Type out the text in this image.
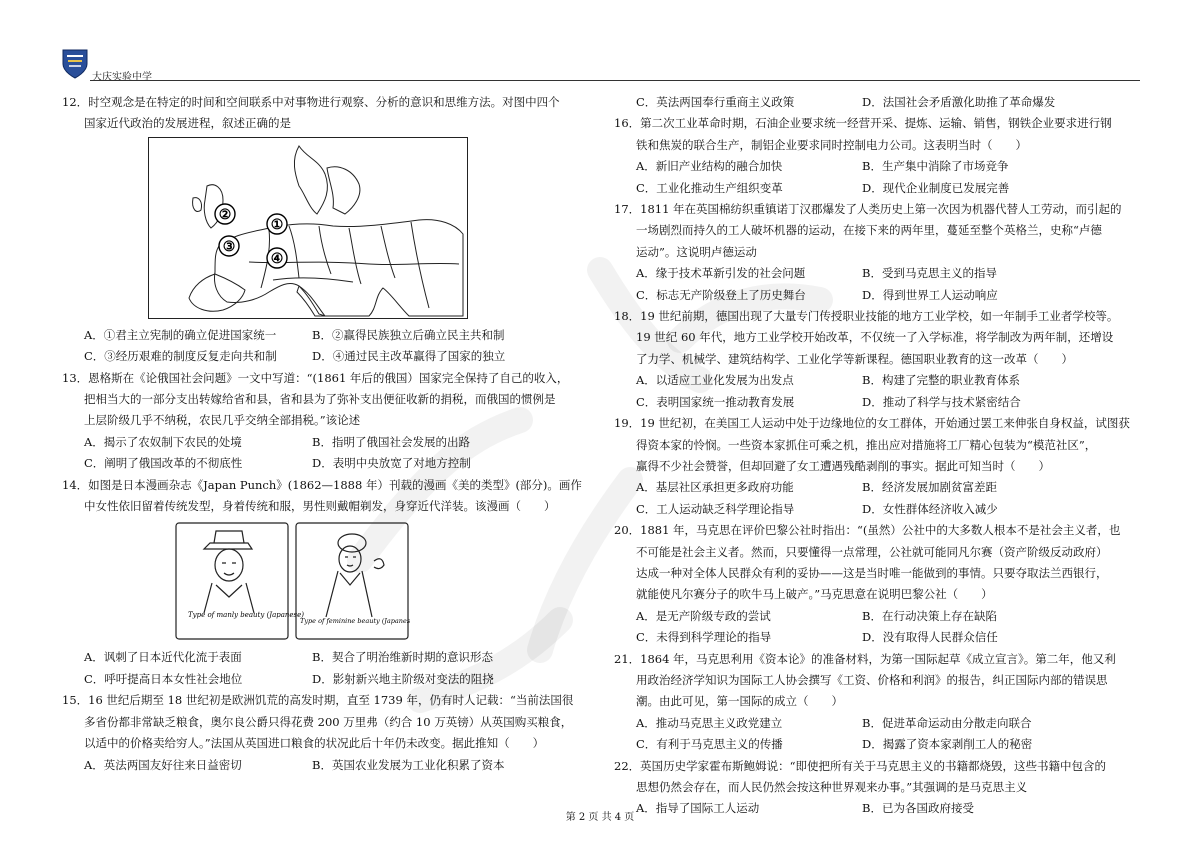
大庆实验中学
12．时空观念是在特定的时间和空间联系中对事物进行观察、分析的意识和思维方法。对图中四个
国家近代政治的发展进程，叙述正确的是
①
②
③
④
A．①君主立宪制的确立促进国家统一	B．②赢得民族独立后确立民主共和制
C．③经历艰难的制度反复走向共和制	D．④通过民主改革赢得了国家的独立
13．恩格斯在《论俄国社会问题》一文中写道：“(1861 年后的俄国）国家完全保持了自己的收入，
把相当大的一部分支出转嫁给省和县，省和县为了弥补支出便征收新的捐税，而俄国的惯例是
上层阶级几乎不纳税，农民几乎交纳全部捐税。”该论述
A．揭示了农奴制下农民的处境	B．指明了俄国社会发展的出路
C．阐明了俄国改革的不彻底性	D．表明中央放宽了对地方控制
14．如图是日本漫画杂志《Japan Punch》(1862—1888 年）刊载的漫画《美的类型》(部分)。画作
中女性依旧留着传统发型，身着传统和服，男性则戴帽剃发，身穿近代洋装。该漫画（　　）
Type of manly beauty (Japanese)
Type of feminine beauty (Japanese)
A．讽刺了日本近代化流于表面	B．契合了明治维新时期的意识形态
C．呼吁提高日本女性社会地位	D．影射新兴地主阶级对变法的阻挠
15．16 世纪后期至 18 世纪初是欧洲饥荒的高发时期，直至 1739 年，仍有时人记载：“当前法国很
多省份都非常缺乏粮食，奥尔良公爵只得花费 200 万里弗（约合 10 万英镑）从英国购买粮食，
以适中的价格卖给穷人。”法国从英国进口粮食的状况此后十年仍未改变。据此推知（　　）
A．英法两国友好往来日益密切	B．英国农业发展为工业化积累了资本
C．英法两国奉行重商主义政策	D．法国社会矛盾激化助推了革命爆发
16．第二次工业革命时期，石油企业要求统一经营开采、提炼、运输、销售，钢铁企业要求进行钢
铁和焦炭的联合生产，制铝企业要求同时控制电力公司。这表明当时（　　）
A．新旧产业结构的融合加快	B．生产集中消除了市场竞争
C．工业化推动生产组织变革	D．现代企业制度已发展完善
17．1811 年在英国棉纺织重镇诺丁汉郡爆发了人类历史上第一次因为机器代替人工劳动，而引起的
一场剧烈而持久的工人破坏机器的运动，在接下来的两年里，蔓延至整个英格兰，史称“卢德
运动”。这说明卢德运动
A．缘于技术革新引发的社会问题	B．受到马克思主义的指导
C．标志无产阶级登上了历史舞台	D．得到世界工人运动响应
18．19 世纪前期，德国出现了大量专门传授职业技能的地方工业学校，如一年制手工业者学校等。
19 世纪 60 年代，地方工业学校开始改革，不仅统一了入学标准，将学制改为两年制，还增设
了力学、机械学、建筑结构学、工业化学等新课程。德国职业教育的这一改革（　　）
A．以适应工业化发展为出发点	B．构建了完整的职业教育体系
C．表明国家统一推动教育发展	D．推动了科学与技术紧密结合
19．19 世纪初，在美国工人运动中处于边缘地位的女工群体，开始通过罢工来伸张自身权益，试图获
得资本家的怜悯。一些资本家抓住可乘之机，推出应对措施将工厂精心包装为“模范社区”，
赢得不少社会赞誉，但却回避了女工遭遇残酷剥削的事实。据此可知当时（　　）
A．基层社区承担更多政府功能	B．经济发展加剧贫富差距
C．工人运动缺乏科学理论指导	D．女性群体经济收入减少
20．1881 年，马克思在评价巴黎公社时指出：“(虽然）公社中的大多数人根本不是社会主义者，也
不可能是社会主义者。然而，只要懂得一点常理，公社就可能同凡尔赛（资产阶级反动政府）
达成一种对全体人民群众有利的妥协——这是当时唯一能做到的事情。只要夺取法兰西银行，
就能使凡尔赛分子的吹牛马上破产。”马克思意在说明巴黎公社（　　）
A．是无产阶级专政的尝试	B．在行动决策上存在缺陷
C．未得到科学理论的指导	D．没有取得人民群众信任
21．1864 年，马克思利用《资本论》的准备材料，为第一国际起草《成立宣言》。第二年，他又利
用政治经济学知识为国际工人协会撰写《工资、价格和利润》的报告，纠正国际内部的错误思
潮。由此可见，第一国际的成立（　　）
A．推动马克思主义政党建立	B．促进革命运动由分散走向联合
C．有利于马克思主义的传播	D．揭露了资本家剥削工人的秘密
22．英国历史学家霍布斯鲍姆说：“即使把所有关于马克思主义的书籍都烧毁，这些书籍中包含的
思想仍然会存在，而人民仍然会按这种世界观来办事。”其强调的是马克思主义
A．指导了国际工人运动	B．已为各国政府接受
第 2 页 共 4 页
